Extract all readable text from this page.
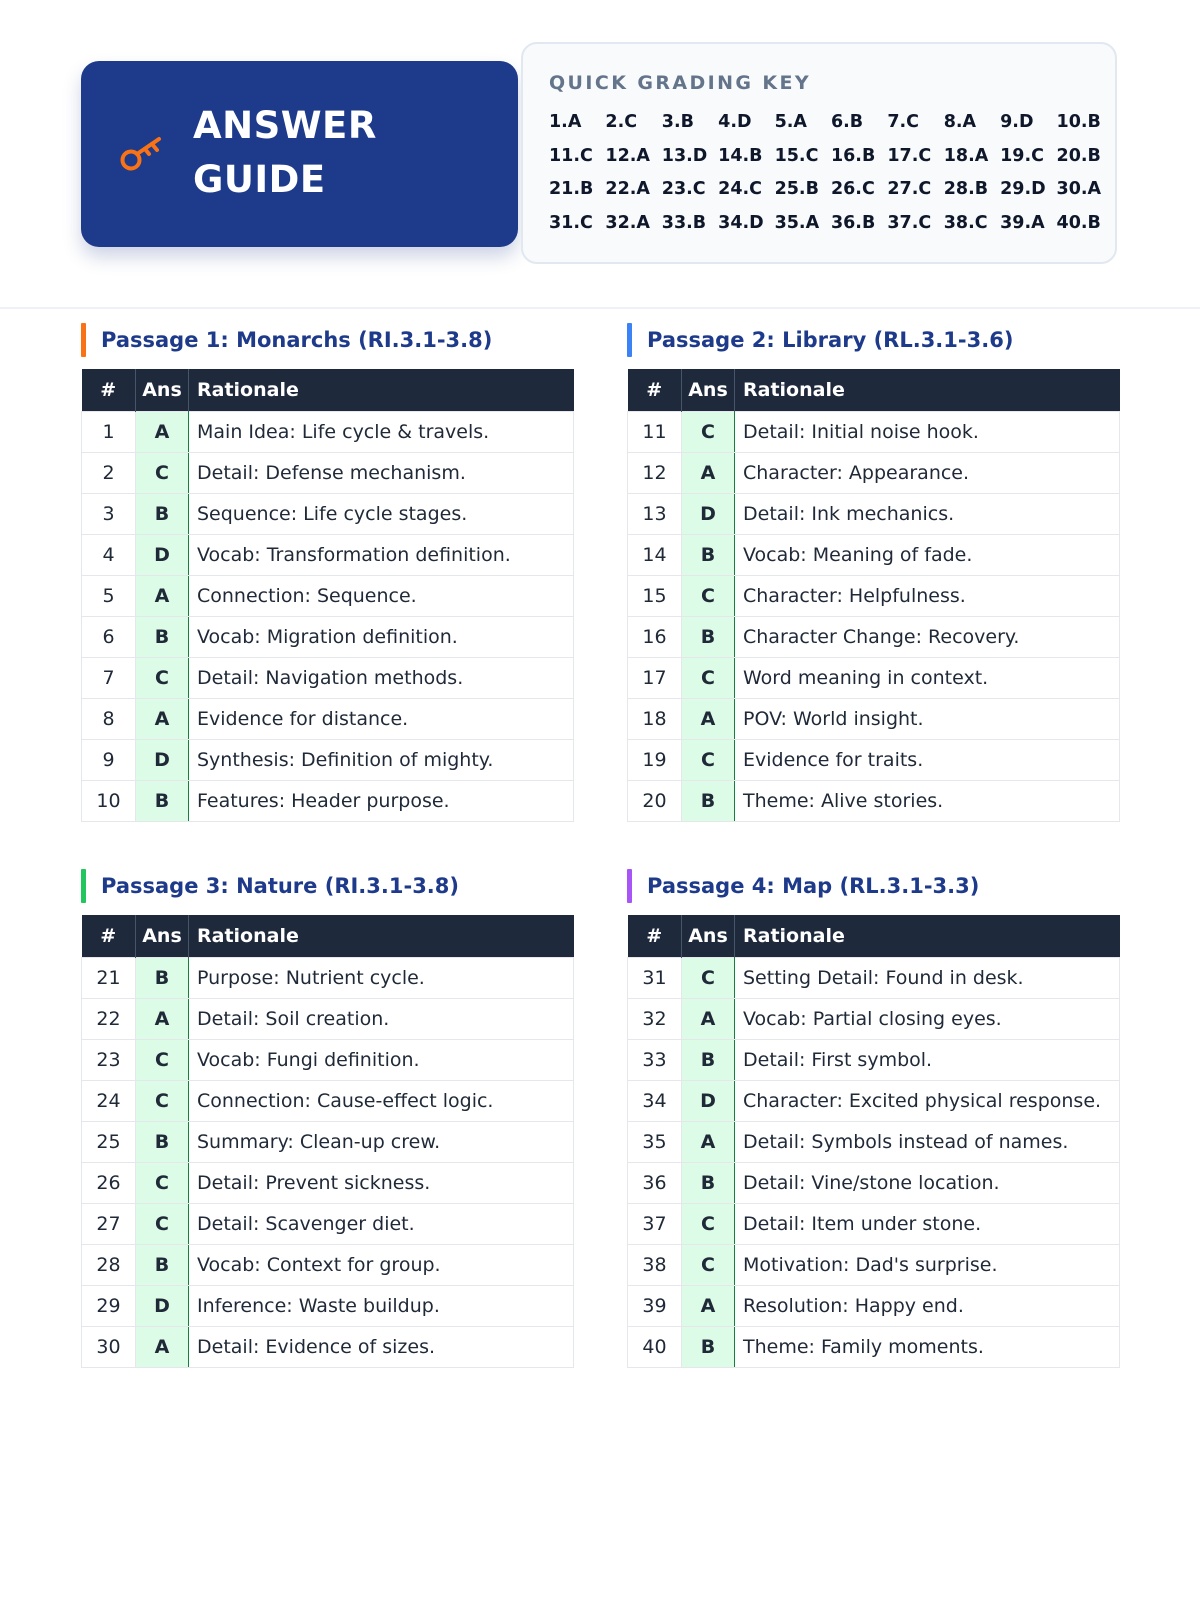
ANSWER
GUIDE
QUICK GRADING KEY
1.A	2.C	3.B	4.D	5.A	6.B	7.C	8.A	9.D	10.B
11.C 12.A 13.D 14.B 15.C 16.B 17.C 18.A 19.C 20.B
21.B 22.A 23.C 24.C 25.B 26.C 27.C 28.B 29.D 30.A
31.C 32.A 33.B 34.D 35.A 36.B 37.C 38.C 39.A 40.B
Passage 1: Monarchs (RI.3.1-3.8)
#	Ans	Rationale
1	A	Main Idea: Life cycle & travels.
2	C	Detail: Defense mechanism.
3	B	Sequence: Life cycle stages.
4	D	Vocab: Transformation definition.
5	A	Connection: Sequence.
6	B	Vocab: Migration definition.
7	C	Detail: Navigation methods.
8	A	Evidence for distance.
9	D	Synthesis: Definition of mighty.
10	B	Features: Header purpose.
Passage 2: Library (RL.3.1-3.6)
#	Ans	Rationale
11	C	Detail: Initial noise hook.
12	A	Character: Appearance.
13	D	Detail: Ink mechanics.
14	B	Vocab: Meaning of fade.
15	C	Character: Helpfulness.
16	B	Character Change: Recovery.
17	C	Word meaning in context.
18	A	POV: World insight.
19	C	Evidence for traits.
20	B	Theme: Alive stories.
Passage 3: Nature (RI.3.1-3.8)
#	Ans	Rationale
21	B	Purpose: Nutrient cycle.
22	A	Detail: Soil creation.
23	C	Vocab: Fungi definition.
24	C	Connection: Cause-effect logic.
25	B	Summary: Clean-up crew.
26	C	Detail: Prevent sickness.
27	C	Detail: Scavenger diet.
28	B	Vocab: Context for group.
29	D	Inference: Waste buildup.
30	A	Detail: Evidence of sizes.
Passage 4: Map (RL.3.1-3.3)
#	Ans	Rationale
31	C	Setting Detail: Found in desk.
32	A	Vocab: Partial closing eyes.
33	B	Detail: First symbol.
34	D	Character: Excited physical response.
35	A	Detail: Symbols instead of names.
36	B	Detail: Vine/stone location.
37	C	Detail: Item under stone.
38	C	Motivation: Dad's surprise.
39	A	Resolution: Happy end.
40	B	Theme: Family moments.
